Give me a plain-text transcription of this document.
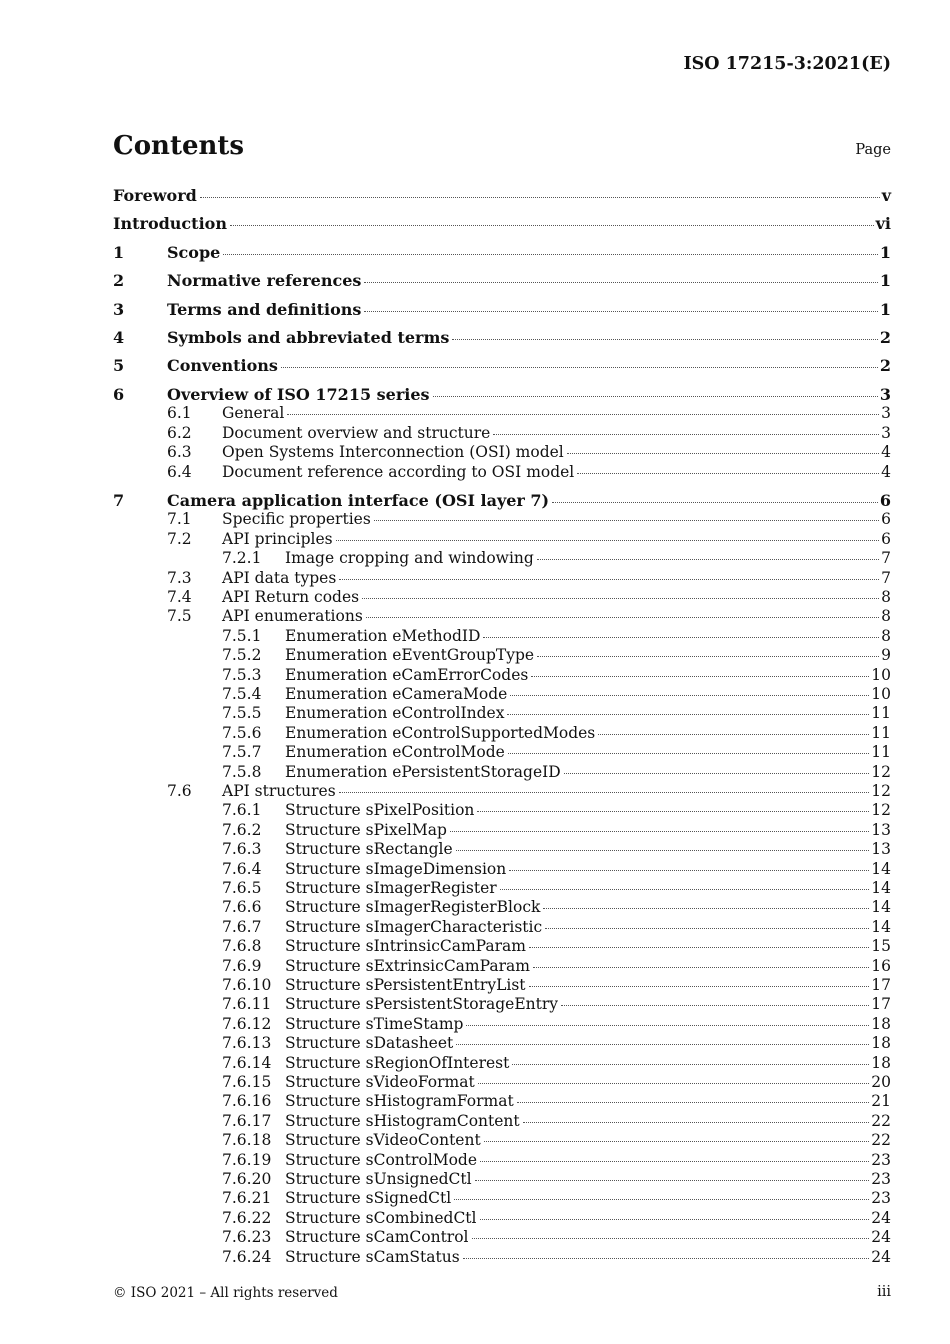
ISO 17215-3:2021(E)
Contents	Page
Foreword	v
Introduction	vi
1	Scope	1
2	Normative references	1
3	Terms and definitions	1
4	Symbols and abbreviated terms	2
5	Conventions	2
6	Overview of ISO 17215 series	3
6.1	General	3
6.2	Document overview and structure	3
6.3	Open Systems Interconnection (OSI) model	4
6.4	Document reference according to OSI model	4
7	Camera application interface (OSI layer 7)	6
7.1	Specific properties	6
7.2	API principles	6
7.2.1	Image cropping and windowing	7
7.3	API data types	7
7.4	API Return codes	8
7.5	API enumerations	8
7.5.1	Enumeration eMethodID	8
7.5.2	Enumeration eEventGroupType	9
7.5.3	Enumeration eCamErrorCodes	10
7.5.4	Enumeration eCameraMode	10
7.5.5	Enumeration eControlIndex	11
7.5.6	Enumeration eControlSupportedModes	11
7.5.7	Enumeration eControlMode	11
7.5.8	Enumeration ePersistentStorageID	12
7.6	API structures	12
7.6.1	Structure sPixelPosition	12
7.6.2	Structure sPixelMap	13
7.6.3	Structure sRectangle	13
7.6.4	Structure sImageDimension	14
7.6.5	Structure sImagerRegister	14
7.6.6	Structure sImagerRegisterBlock	14
7.6.7	Structure sImagerCharacteristic	14
7.6.8	Structure sIntrinsicCamParam	15
7.6.9	Structure sExtrinsicCamParam	16
7.6.10 Structure sPersistentEntryList	17
7.6.11 Structure sPersistentStorageEntry	17
7.6.12 Structure sTimeStamp	18
7.6.13 Structure sDatasheet	18
7.6.14 Structure sRegionOfInterest	18
7.6.15 Structure sVideoFormat	20
7.6.16 Structure sHistogramFormat	21
7.6.17 Structure sHistogramContent	22
7.6.18 Structure sVideoContent	22
7.6.19 Structure sControlMode	23
7.6.20 Structure sUnsignedCtl	23
7.6.21 Structure sSignedCtl	23
7.6.22 Structure sCombinedCtl	24
7.6.23 Structure sCamControl	24
7.6.24 Structure sCamStatus	24
© ISO 2021 – All rights reserved	iii
